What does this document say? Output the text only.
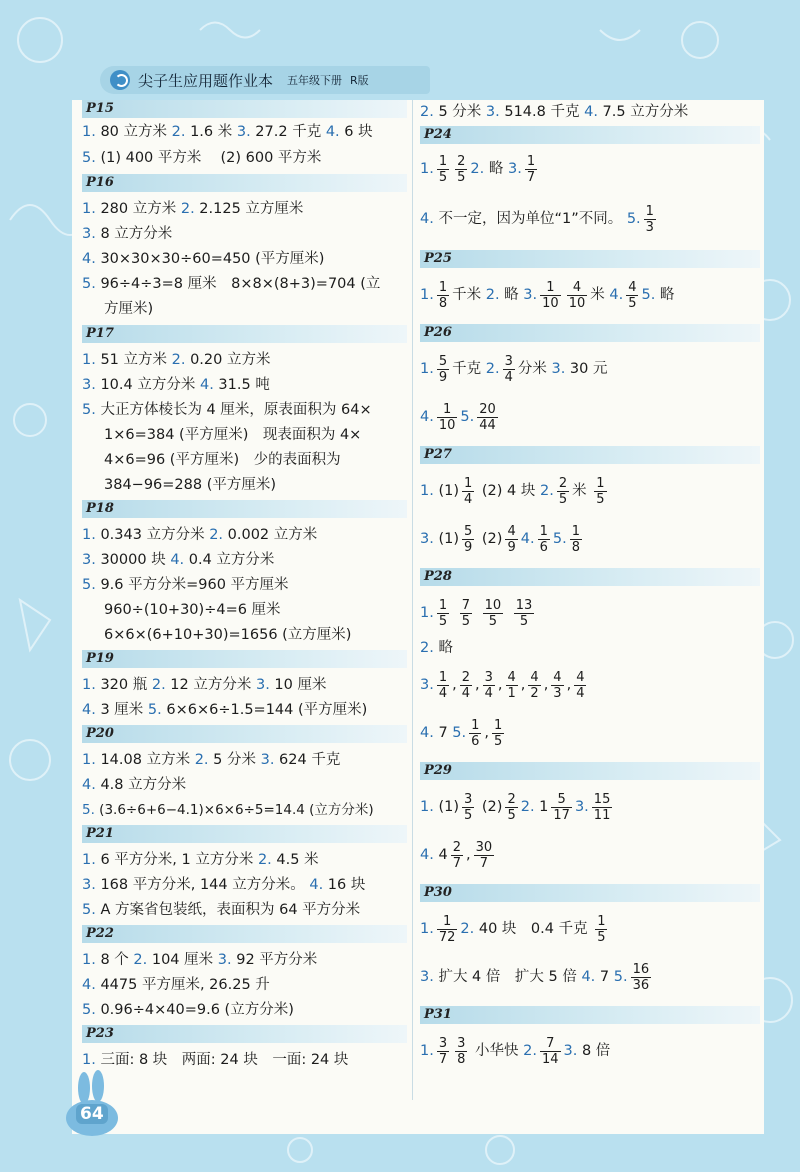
尖子生应用题作业本 五年级下册 R版
P15
1. 80 立方米 2. 1.6 米 3. 27.2 千克 4. 6 块
5. (1) 400 平方米　 (2) 600 平方米
P16
1. 280 立方米 2. 2.125 立方厘米
3. 8 立方分米
4. 30×30×30÷60=450 (平方厘米)
5. 96÷4÷3=8 厘米　8×8×(8+3)=704 (立
方厘米)
P17
1. 51 立方米 2. 0.20 立方米
3. 10.4 立方分米 4. 31.5 吨
5. 大正方体棱长为 4 厘米，原表面积为 64×
1×6=384 (平方厘米)　现表面积为 4×
4×6=96 (平方厘米)　少的表面积为
384−96=288 (平方厘米)
P18
1. 0.343 立方分米 2. 0.002 立方米
3. 30000 块 4. 0.4 立方分米
5. 9.6 平方分米=960 平方厘米
960÷(10+30)÷4=6 厘米
6×6×(6+10+30)=1656 (立方厘米)
P19
1. 320 瓶 2. 12 立方分米 3. 10 厘米
4. 3 厘米 5. 6×6×6÷1.5=144 (平方厘米)
P20
1. 14.08 立方米 2. 5 分米 3. 624 千克
4. 4.8 立方分米
5. (3.6÷6+6−4.1)×6×6÷5=14.4 (立方分米)
P21
1. 6 平方分米, 1 立方分米 2. 4.5 米
3. 168 平方分米, 144 立方分米。 4. 16 块
5. A 方案省包装纸，表面积为 64 平方分米
P22
1. 8 个 2. 104 厘米 3. 92 平方分米
4. 4475 平方厘米, 26.25 升
5. 0.96÷4×40=9.6 (立方分米)
P23
1. 三面: 8 块　两面: 24 块　一面: 24 块
2. 5 分米 3. 514.8 千克 4. 7.5 立方分米
P24
1. $\frac{1}{5} \frac{2}{5} 2$. 略 3. $\frac{1}{7}$
4. 不一定，因为单位“1”不同。 5. $\frac{1}{3}$
P25
1. $\frac{1}{8}$ 千米 2. 略 3. $\frac{1}{10} \frac{4}{10}$ 米 4. $\frac{4}{5} 5$. 略
P26
1. $\frac{5}{9}$ 千克 2. $\frac{3}{4}$ 分米 3. 30 元
4. $\frac{1}{10} 5$. $\frac{20}{44}$
P27
1. $(1) \frac{1}{4} (2)$ 4 块 2. $\frac{2}{5}$ 米 $\frac{1}{5}$
3. $(1) \frac{5}{9} (2) \frac{4}{9} 4$. $\frac{1}{6} 5$. $\frac{1}{8}$
P28
1. $\frac{1}{5}$
$\frac{7}{5}$
$\frac{10}{5}$
$\frac{13}{5}$
2. 略
3. $\frac{1}{4}$ , $\frac{2}{4}$ , $\frac{3}{4}$ , $\frac{4}{1}$ , $\frac{4}{2}$ , $\frac{4}{3}$ , $\frac{4}{4}$
4. 7 5. $\frac{1}{6}$ , $\frac{1}{5}$
P29
1. $(1) \frac{3}{5} (2) \frac{2}{5} 2$. $1 \frac{5}{17} 3$. $\frac{15}{11}$
4. $4 \frac{2}{7}$ , $\frac{30}{7}$
P30
1. $\frac{1}{72} 2$. 40 块　0.4 千克 $\frac{1}{5}$
3. 扩大 4 倍　扩大 5 倍 4. 7 5. $\frac{16}{36}$
P31
1. $\frac{3}{7} \frac{3}{8}$ 小华快 2. $\frac{7}{14} 3$. 8 倍
64
